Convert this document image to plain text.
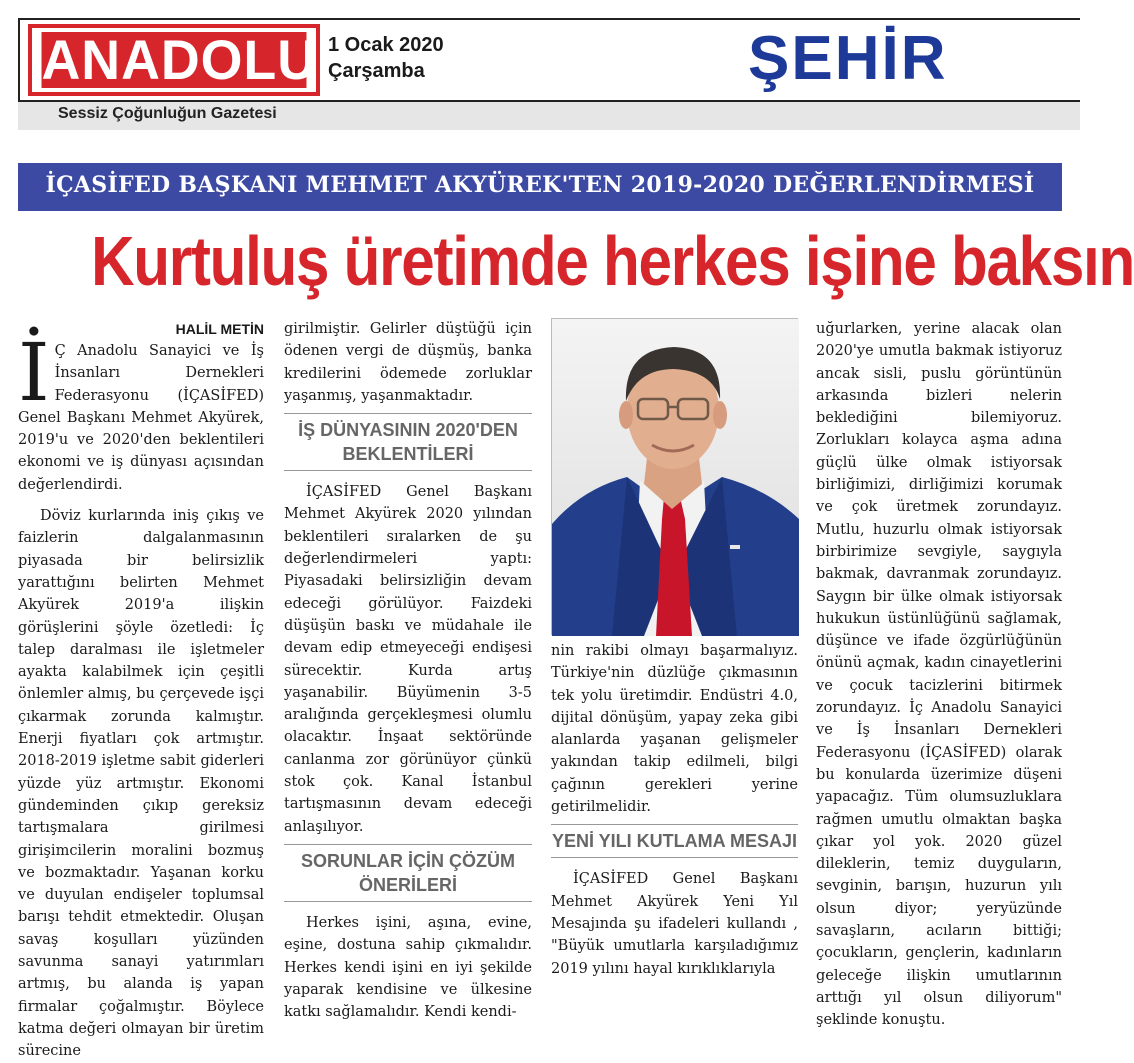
ANADOLU 1 Ocak 2020
Çarşamba	ŞEHİR
Sessiz Çoğunluğun Gazetesi
İÇASİFED BAŞKANI MEHMET AKYÜREK'TEN 2019-2020 DEĞERLENDİRMESİ
Kurtuluş üretimde herkes işine baksın
HALİL METİN

İ Ç Anadolu Sanayici ve İş İnsanları Dernekleri Federasyonu (İÇASİFED) Genel Başkanı Mehmet Akyürek, 2019'u ve 2020'den beklentileri ekonomi ve iş dünyası açısından değerlendirdi.

Döviz kurlarında iniş çıkış ve faizlerin dalgalanmasının piyasada bir belirsizlik yarattığını belirten Mehmet Akyürek 2019'a ilişkin görüşlerini şöyle özetledi: İç talep daralması ile işletmeler ayakta kalabilmek için çeşitli önlemler almış, bu çerçevede işçi çıkarmak zorunda kalmıştır. Enerji fiyatları çok artmıştır. 2018-2019 işletme sabit giderleri yüzde yüz artmıştır. Ekonomi gündeminden çıkıp gereksiz tartışmalara girilmesi girişimcilerin moralini bozmuş ve bozmaktadır. Yaşanan korku ve duyulan endişeler toplumsal barışı tehdit etmektedir. Oluşan savaş koşulları yüzünden savunma sanayi yatırımları artmış, bu alanda iş yapan firmalar çoğalmıştır. Böylece katma değeri olmayan bir üretim sürecine

girilmiştir. Gelirler düştüğü için ödenen vergi de düşmüş, banka kredilerini ödemede zorluklar yaşanmış, yaşanmaktadır.

İŞ DÜNYASININ 2020'DEN BEKLENTİLERİ

İÇASİFED Genel Başkanı Mehmet Akyürek 2020 yılından beklentileri sıralarken de şu değerlendirmeleri yaptı: Piyasadaki belirsizliğin devam edeceği görülüyor. Faizdeki düşüşün baskı ve müdahale ile devam edip etmeyeceği endişesi sürecektir. Kurda artış yaşanabilir. Büyümenin 3-5 aralığında gerçekleşmesi olumlu olacaktır. İnşaat sektöründe canlanma zor görünüyor çünkü stok çok. Kanal İstanbul tartışmasının devam edeceği anlaşılıyor.

SORUNLAR İÇİN ÇÖZÜM ÖNERİLERİ

Herkes işini, aşına, evine, eşine, dostuna sahip çıkmalıdır. Herkes kendi işini en iyi şekilde yaparak kendisine ve ülkesine katkı sağlamalıdır. Kendi kendi-

nin rakibi olmayı başarmalıyız. Türkiye'nin düzlüğe çıkmasının tek yolu üretimdir. Endüstri 4.0, dijital dönüşüm, yapay zeka gibi alanlarda yaşanan gelişmeler yakından takip edilmeli, bilgi çağının gerekleri yerine getirilmelidir.

YENİ YILI KUTLAMA MESAJI

İÇASİFED Genel Başkanı Mehmet Akyürek Yeni Yıl Mesajında şu ifadeleri kullandı , "Büyük umutlarla karşıladığımız 2019 yılını hayal kırıklıklarıyla

uğurlarken, yerine alacak olan 2020'ye umutla bakmak istiyoruz ancak sisli, puslu görüntünün arkasında bizleri nelerin beklediğini bilemiyoruz. Zorlukları kolayca aşma adına güçlü ülke olmak istiyorsak birliğimizi, dirliğimizi korumak ve çok üretmek zorundayız. Mutlu, huzurlu olmak istiyorsak birbirimize sevgiyle, saygıyla bakmak, davranmak zorundayız. Saygın bir ülke olmak istiyorsak hukukun üstünlüğünü sağlamak, düşünce ve ifade özgürlüğünün önünü açmak, kadın cinayetlerini ve çocuk tacizlerini bitirmek zorundayız. İç Anadolu Sanayici ve İş İnsanları Dernekleri Federasyonu (İÇASİFED) olarak bu konularda üzerimize düşeni yapacağız. Tüm olumsuzluklara rağmen umutlu olmaktan başka çıkar yol yok. 2020 güzel dileklerin, temiz duyguların, sevginin, barışın, huzurun yılı olsun diyor; yeryüzünde savaşların, acıların bittiği; çocukların, gençlerin, kadınların geleceğe ilişkin umutlarının arttığı yıl olsun diliyorum" şeklinde konuştu.
